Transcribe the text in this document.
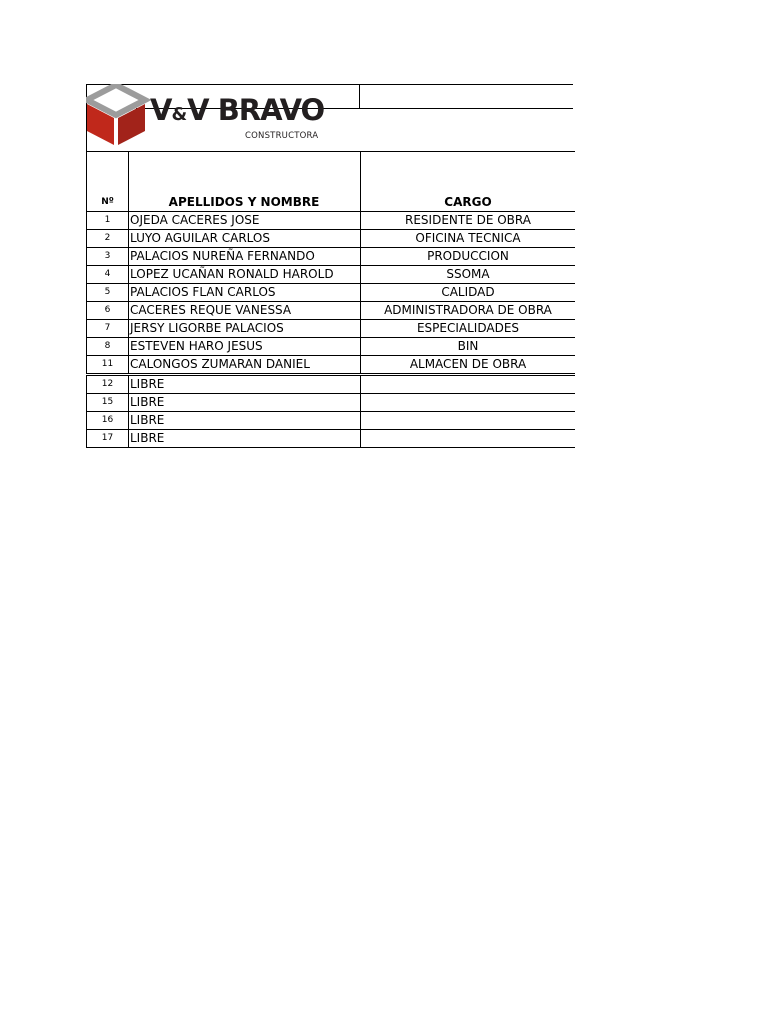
V&V BRAVO
CONSTRUCTORA
Nº	APELLIDOS Y NOMBRE	CARGO
1	OJEDA CACERES JOSE	RESIDENTE DE OBRA
2	LUYO AGUILAR CARLOS	OFICINA TECNICA
3	PALACIOS NUREÑA FERNANDO	PRODUCCION
4	LOPEZ UCAÑAN RONALD HAROLD	SSOMA
5	PALACIOS FLAN CARLOS	CALIDAD
6	CACERES REQUE VANESSA	ADMINISTRADORA DE OBRA
7	JERSY LIGORBE PALACIOS	ESPECIALIDADES
8	ESTEVEN HARO JESUS	BIN
11	CALONGOS ZUMARAN DANIEL	ALMACEN DE OBRA
12	LIBRE	
15	LIBRE	
16	LIBRE	
17	LIBRE	
